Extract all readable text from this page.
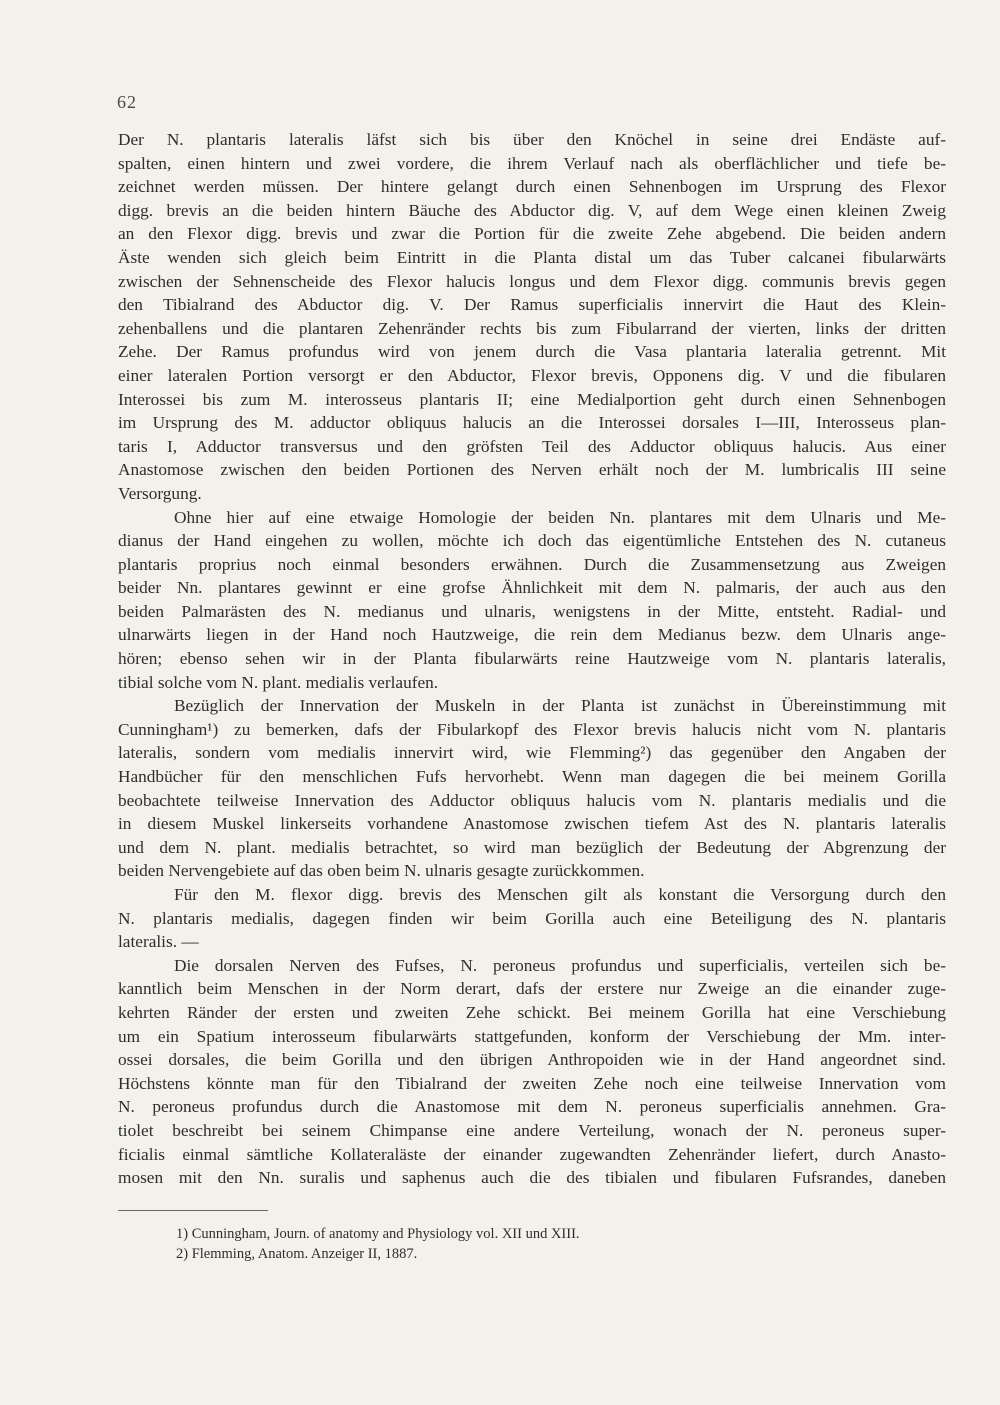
62
Der N. plantaris lateralis läfst sich bis über den Knöchel in seine drei Endäste auf-
spalten, einen hintern und zwei vordere, die ihrem Verlauf nach als oberflächlicher und tiefe be-
zeichnet werden müssen. Der hintere gelangt durch einen Sehnenbogen im Ursprung des Flexor
digg. brevis an die beiden hintern Bäuche des Abductor dig. V, auf dem Wege einen kleinen Zweig
an den Flexor digg. brevis und zwar die Portion für die zweite Zehe abgebend. Die beiden andern
Äste wenden sich gleich beim Eintritt in die Planta distal um das Tuber calcanei fibularwärts
zwischen der Sehnenscheide des Flexor halucis longus und dem Flexor digg. communis brevis gegen
den Tibialrand des Abductor dig. V. Der Ramus superficialis innervirt die Haut des Klein-
zehenballens und die plantaren Zehenränder rechts bis zum Fibularrand der vierten, links der dritten
Zehe. Der Ramus profundus wird von jenem durch die Vasa plantaria lateralia getrennt. Mit
einer lateralen Portion versorgt er den Abductor, Flexor brevis, Opponens dig. V und die fibularen
Interossei bis zum M. interosseus plantaris II; eine Medialportion geht durch einen Sehnenbogen
im Ursprung des M. adductor obliquus halucis an die Interossei dorsales I—III, Interosseus plan-
taris I, Adductor transversus und den gröfsten Teil des Adductor obliquus halucis. Aus einer
Anastomose zwischen den beiden Portionen des Nerven erhält noch der M. lumbricalis III seine
Versorgung.
Ohne hier auf eine etwaige Homologie der beiden Nn. plantares mit dem Ulnaris und Me-
dianus der Hand eingehen zu wollen, möchte ich doch das eigentümliche Entstehen des N. cutaneus
plantaris proprius noch einmal besonders erwähnen. Durch die Zusammensetzung aus Zweigen
beider Nn. plantares gewinnt er eine grofse Ähnlichkeit mit dem N. palmaris, der auch aus den
beiden Palmarästen des N. medianus und ulnaris, wenigstens in der Mitte, entsteht. Radial- und
ulnarwärts liegen in der Hand noch Hautzweige, die rein dem Medianus bezw. dem Ulnaris ange-
hören; ebenso sehen wir in der Planta fibularwärts reine Hautzweige vom N. plantaris lateralis,
tibial solche vom N. plant. medialis verlaufen.
Bezüglich der Innervation der Muskeln in der Planta ist zunächst in Übereinstimmung mit
Cunningham¹) zu bemerken, dafs der Fibularkopf des Flexor brevis halucis nicht vom N. plantaris
lateralis, sondern vom medialis innervirt wird, wie Flemming²) das gegenüber den Angaben der
Handbücher für den menschlichen Fufs hervorhebt. Wenn man dagegen die bei meinem Gorilla
beobachtete teilweise Innervation des Adductor obliquus halucis vom N. plantaris medialis und die
in diesem Muskel linkerseits vorhandene Anastomose zwischen tiefem Ast des N. plantaris lateralis
und dem N. plant. medialis betrachtet, so wird man bezüglich der Bedeutung der Abgrenzung der
beiden Nervengebiete auf das oben beim N. ulnaris gesagte zurückkommen.
Für den M. flexor digg. brevis des Menschen gilt als konstant die Versorgung durch den
N. plantaris medialis, dagegen finden wir beim Gorilla auch eine Beteiligung des N. plantaris
lateralis. —
Die dorsalen Nerven des Fufses, N. peroneus profundus und superficialis, verteilen sich be-
kanntlich beim Menschen in der Norm derart, dafs der erstere nur Zweige an die einander zuge-
kehrten Ränder der ersten und zweiten Zehe schickt. Bei meinem Gorilla hat eine Verschiebung
um ein Spatium interosseum fibularwärts stattgefunden, konform der Verschiebung der Mm. inter-
ossei dorsales, die beim Gorilla und den übrigen Anthropoiden wie in der Hand angeordnet sind.
Höchstens könnte man für den Tibialrand der zweiten Zehe noch eine teilweise Innervation vom
N. peroneus profundus durch die Anastomose mit dem N. peroneus superficialis annehmen. Gra-
tiolet beschreibt bei seinem Chimpanse eine andere Verteilung, wonach der N. peroneus super-
ficialis einmal sämtliche Kollateraläste der einander zugewandten Zehenränder liefert, durch Anasto-
mosen mit den Nn. suralis und saphenus auch die des tibialen und fibularen Fufsrandes, daneben
1) Cunningham, Journ. of anatomy and Physiology vol. XII und XIII.
2) Flemming, Anatom. Anzeiger II, 1887.
